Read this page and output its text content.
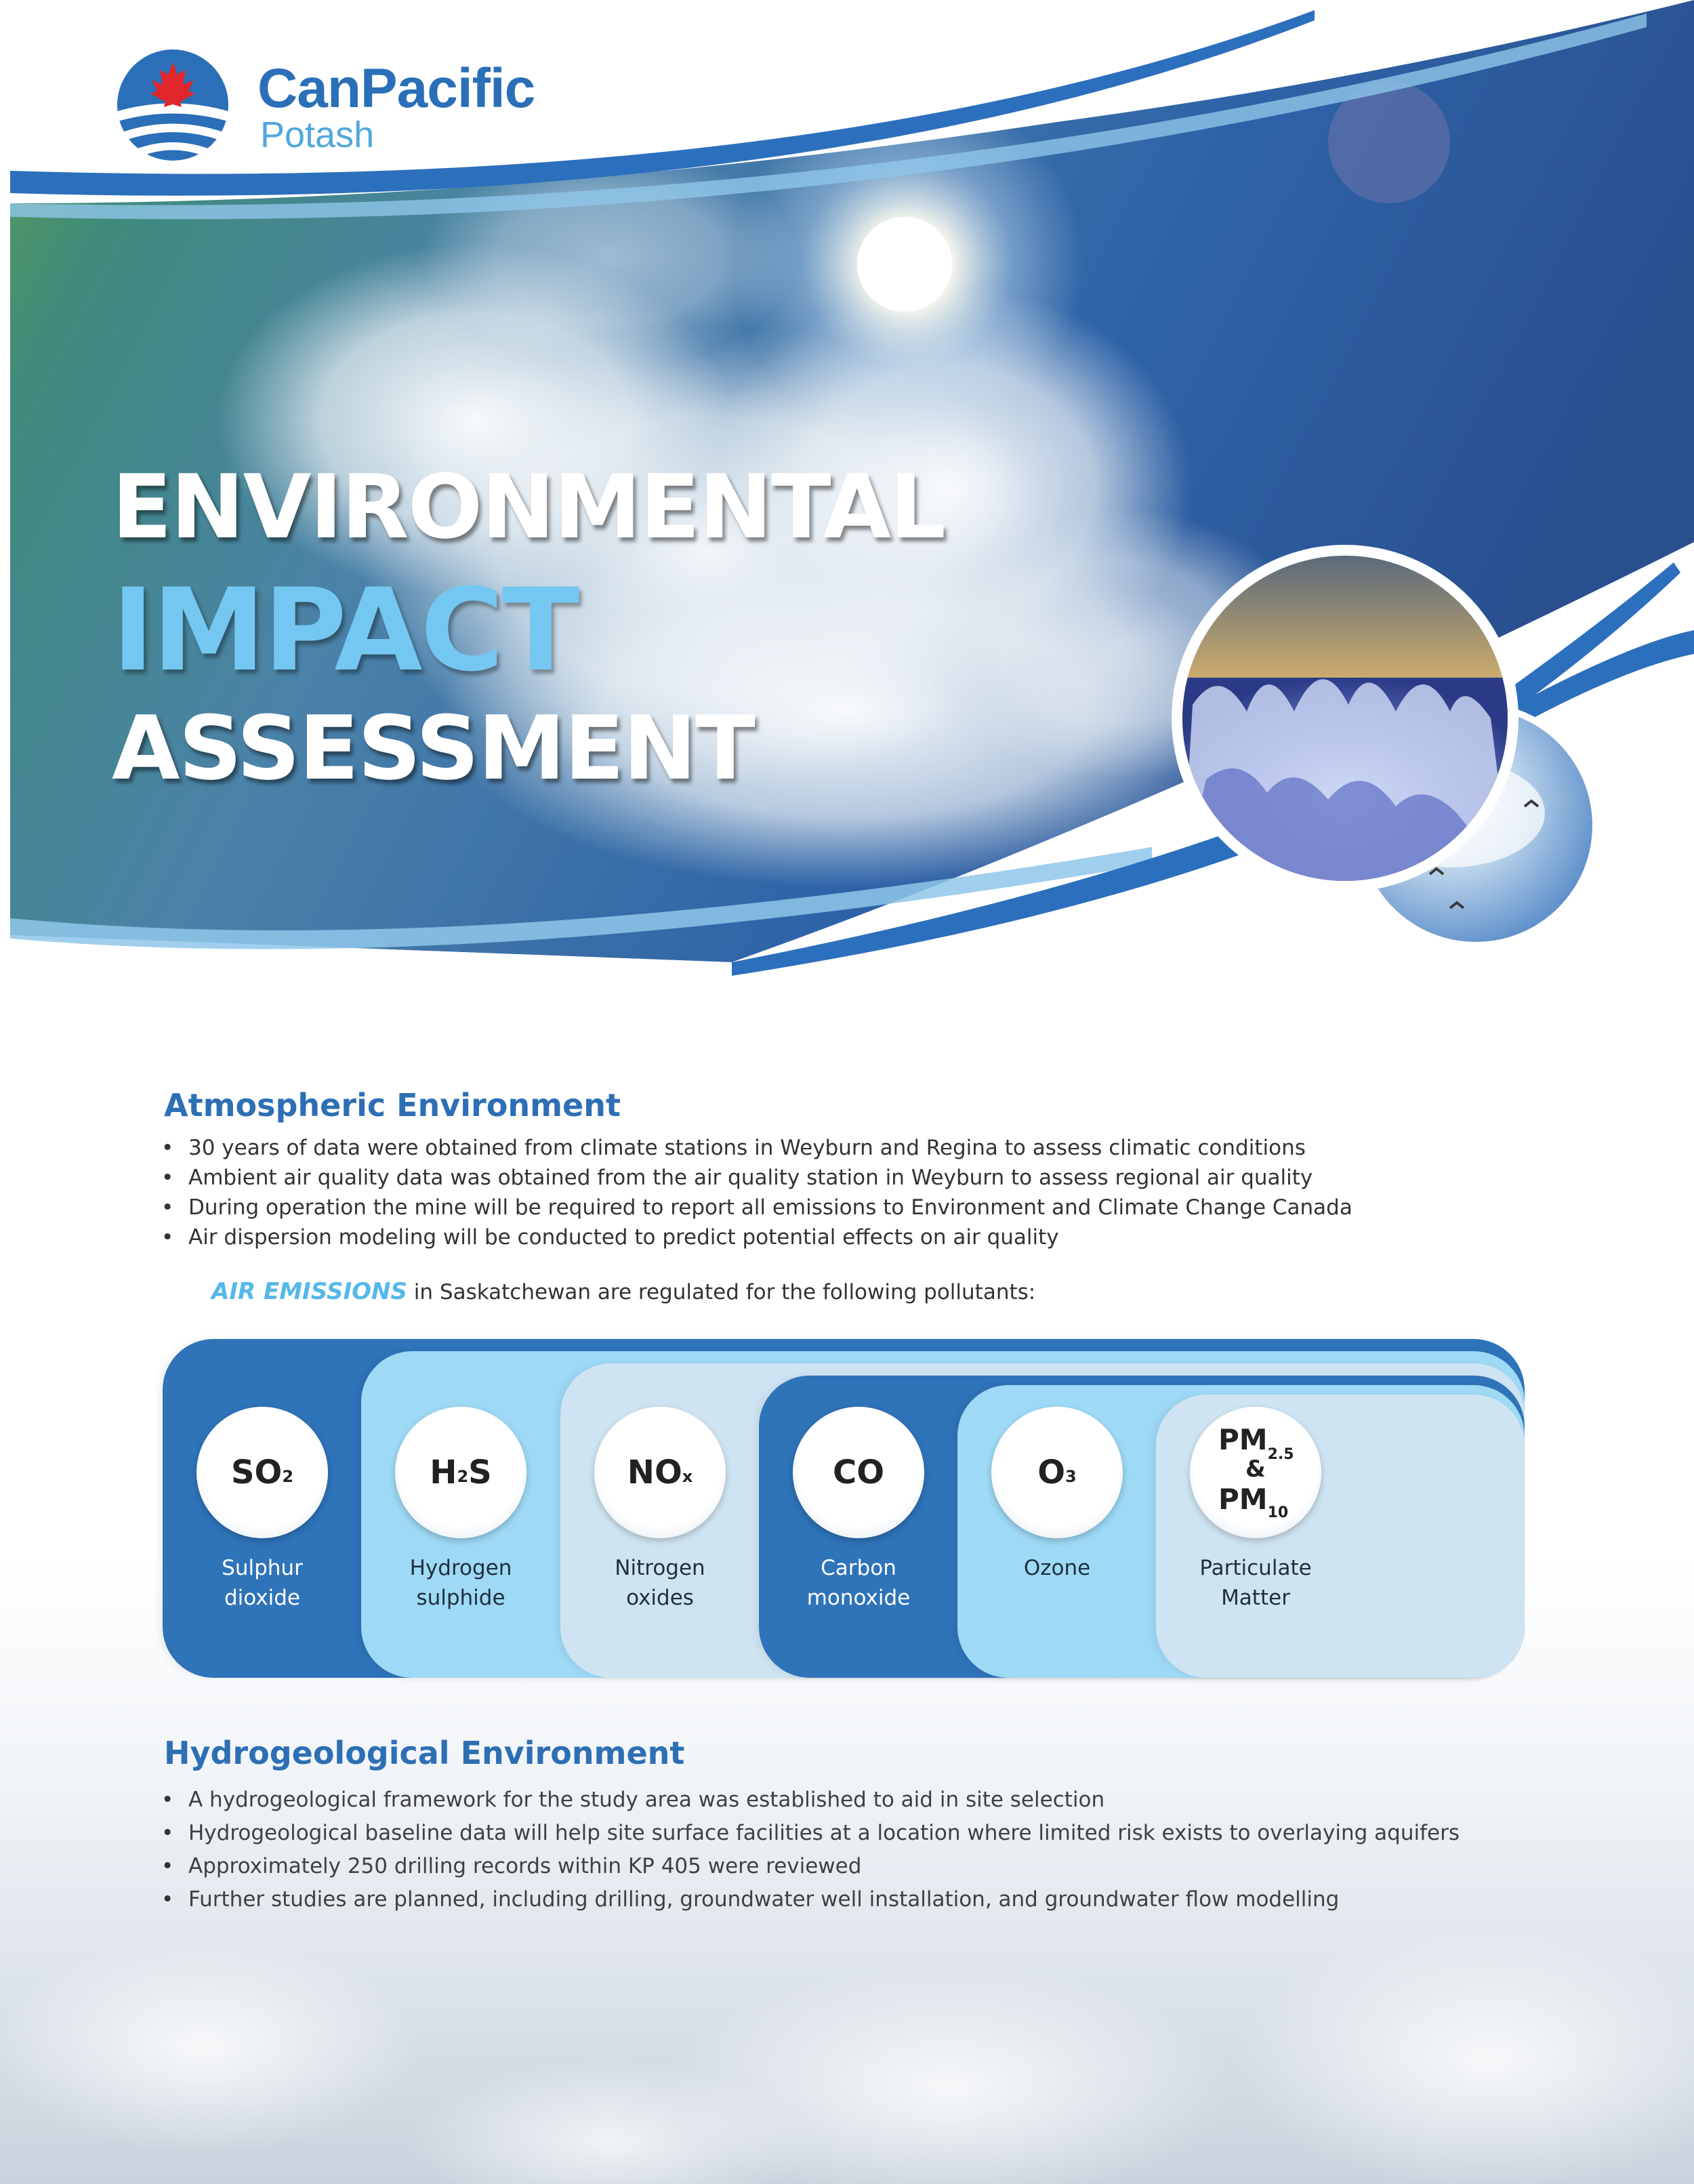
CanPacific
Potash
ENVIRONMENTAL
IMPACT
ASSESSMENT
Atmospheric Environment
• 30 years of data were obtained from climate stations in Weyburn and Regina to assess climatic conditions
• Ambient air quality data was obtained from the air quality station in Weyburn to assess regional air quality
• During operation the mine will be required to report all emissions to Environment and Climate Change Canada
• Air dispersion modeling will be conducted to predict potential effects on air quality
AIR EMISSIONS in Saskatchewan are regulated for the following pollutants:
$SO_2$
Sulphur
dioxide
$H_2$ S
Hydrogen
sulphide
$NO_x$
Nitrogen
oxides
CO
Carbon
monoxide
$O_3$
Ozone
$PM_{2.5}$
&
$PM_{10}$
Particulate
Matter
Hydrogeological Environment
• A hydrogeological framework for the study area was established to aid in site selection
• Hydrogeological baseline data will help site surface facilities at a location where limited risk exists to overlaying aquifers
• Approximately 250 drilling records within KP 405 were reviewed
• Further studies are planned, including drilling, groundwater well installation, and groundwater flow modelling
